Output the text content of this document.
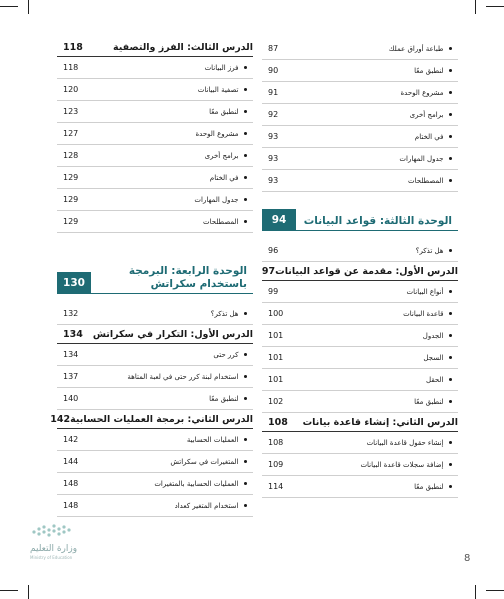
طباعة أوراق عملك
87
لنطبق معًا
90
مشروع الوحدة
91
برامج أخرى
92
في الختام
93
جدول المهارات
93
المصطلحات
93
94	الوحدة الثالثة: قواعد البيانات
هل تذكر؟
96
الدرس الأول: مقدمة عن قواعد البيانات
97
أنواع البيانات
99
قاعدة البيانات
100
الجدول
101
السجل
101
الحقل
101
لنطبق معًا
102
الدرس الثاني: إنشاء قاعدة بيانات
108
إنشاء حقول قاعدة البيانات
108
إضافة سجلات قاعدة البيانات
109
لنطبق معًا
114
الدرس الثالث: الفرز والتصفية
118
فرز البيانات
118
تصفية البيانات
120
لنطبق معًا
123
مشروع الوحدة
127
برامج أخرى
128
في الختام
129
جدول المهارات
129
المصطلحات
129
130
الوحدة الرابعة: البرمجة
باستخدام سكراتش
هل تذكر؟
132
الدرس الأول: التكرار في سكراتش
134
كرر حتى
134
استخدام لبنة كرر حتى في لعبة المتاهة
137
لنطبق معًا
140
الدرس الثاني: برمجة العمليات الحسابية
142
العمليات الحسابية
142
المتغيرات في سكراتش
144
العمليات الحسابية بالمتغيرات
148
استخدام المتغير كعداد
148
وزارة التعليم
Ministry of Education	8
